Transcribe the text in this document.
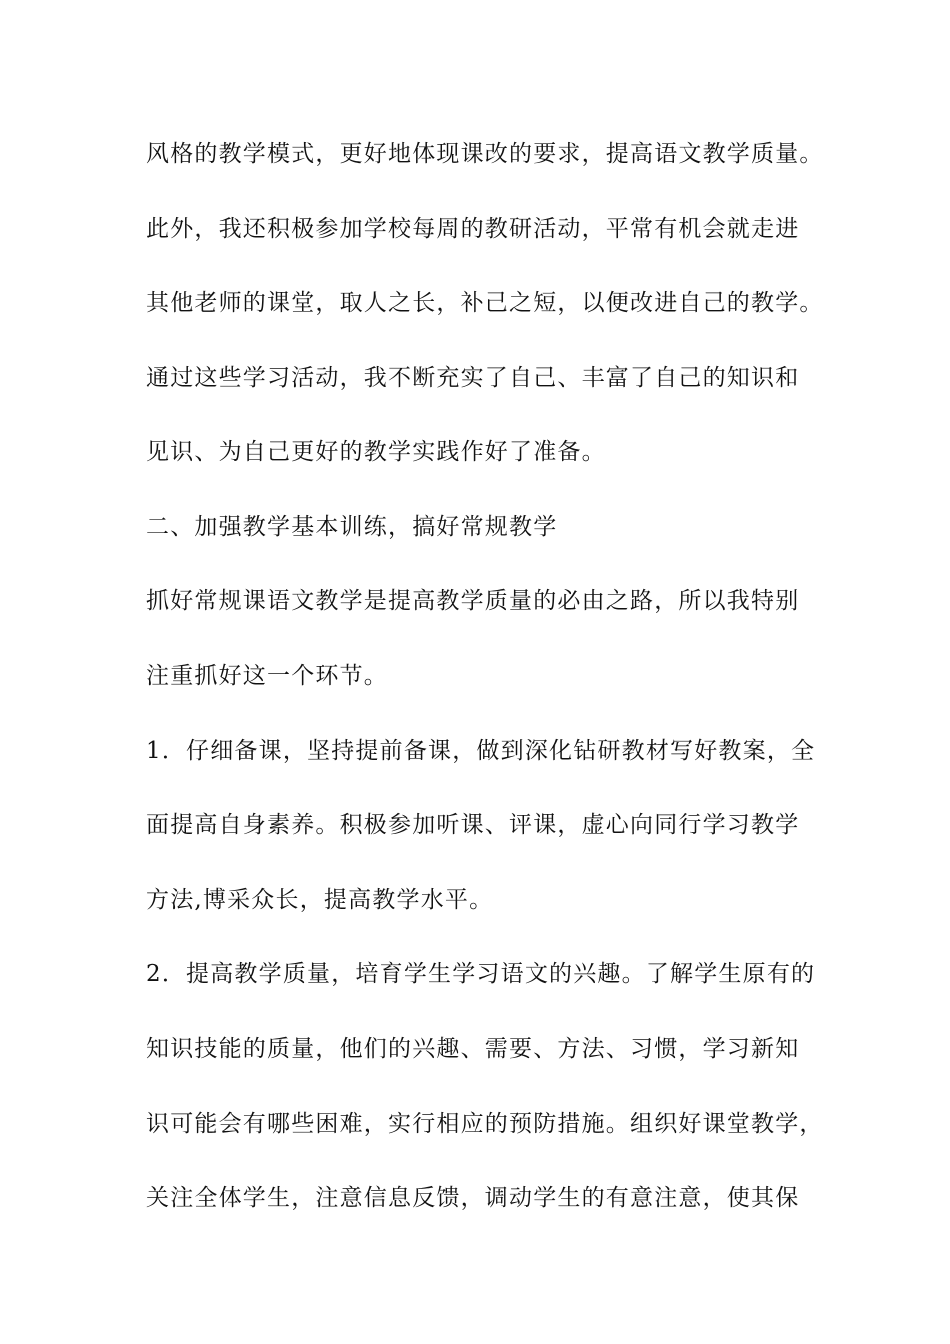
风格的教学模式，更好地体现课改的要求，提高语文教学质量。
此外，我还积极参加学校每周的教研活动，平常有机会就走进
其他老师的课堂，取人之长，补己之短，以便改进自己的教学。
通过这些学习活动，我不断充实了自己、丰富了自己的知识和
见识、为自己更好的教学实践作好了准备。
二、加强教学基本训练，搞好常规教学
抓好常规课语文教学是提高教学质量的必由之路，所以我特别
注重抓好这一个环节。
1．仔细备课，坚持提前备课，做到深化钻研教材写好教案，全
面提高自身素养。积极参加听课、评课，虚心向同行学习教学
方法,博采众长，提高教学水平。
2．提高教学质量，培育学生学习语文的兴趣。了解学生原有的
知识技能的质量，他们的兴趣、需要、方法、习惯，学习新知
识可能会有哪些困难，实行相应的预防措施。组织好课堂教学，
关注全体学生，注意信息反馈，调动学生的有意注意，使其保
